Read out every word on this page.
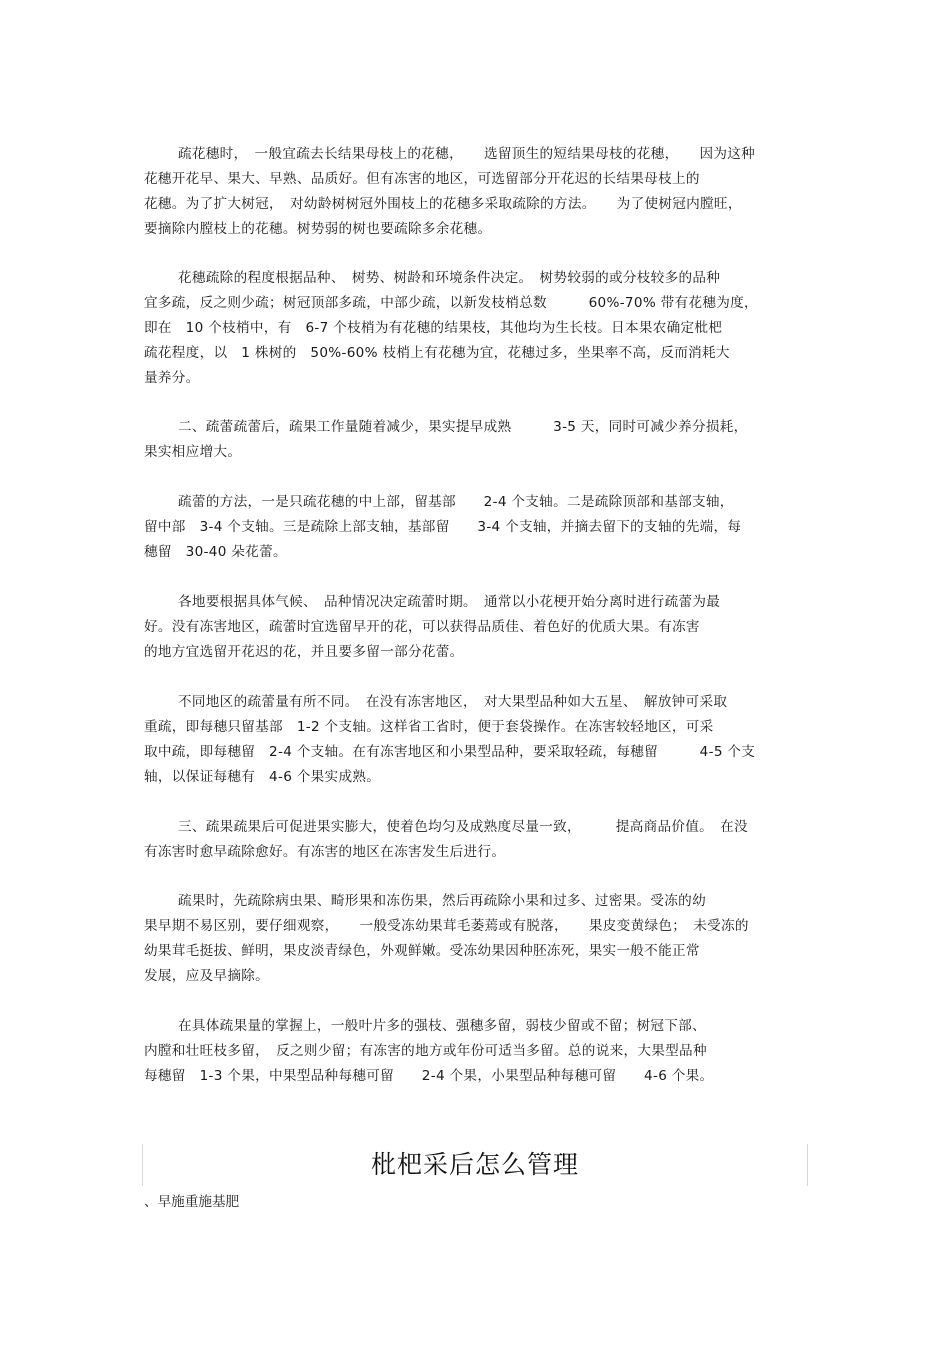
疏花穗时，　一般宜疏去长结果母枝上的花穗，　　选留顶生的短结果母枝的花穗，　　因为这种
花穗开花早、果大、早熟、品质好。但有冻害的地区，可选留部分开花迟的长结果母枝上的
花穗。为了扩大树冠，　对幼龄树树冠外围枝上的花穗多采取疏除的方法。　　为了使树冠内膛旺，
要摘除内膛枝上的花穗。树势弱的树也要疏除多余花穗。
花穗疏除的程度根据品种、　树势、树龄和环境条件决定。　树势较弱的或分枝较多的品种
宜多疏，反之则少疏；树冠顶部多疏，中部少疏，以新发枝梢总数　　　60%-70% 带有花穗为度，
即在　10 个枝梢中，有　6-7 个枝梢为有花穗的结果枝，其他均为生长枝。日本果农确定枇杷
疏花程度，以　1 株树的　50%-60% 枝梢上有花穗为宜，花穗过多，坐果率不高，反而消耗大
量养分。
二、疏蕾疏蕾后，疏果工作量随着减少，果实提早成熟　　　3-5 天，同时可减少养分损耗，
果实相应增大。
疏蕾的方法，一是只疏花穗的中上部，留基部　　2-4 个支轴。二是疏除顶部和基部支轴，
留中部　3-4 个支轴。三是疏除上部支轴，基部留　　3-4 个支轴，并摘去留下的支轴的先端，每
穗留　30-40 朵花蕾。
各地要根据具体气候、　品种情况决定疏蕾时期。　通常以小花梗开始分离时进行疏蕾为最
好。没有冻害地区，疏蕾时宜选留早开的花，可以获得品质佳、着色好的优质大果。有冻害
的地方宜选留开花迟的花，并且要多留一部分花蕾。
不同地区的疏蕾量有所不同。　在没有冻害地区，　对大果型品种如大五星、　解放钟可采取
重疏，即每穗只留基部　1-2 个支轴。这样省工省时，便于套袋操作。在冻害较轻地区，可采
取中疏，即每穗留　2-4 个支轴。在有冻害地区和小果型品种，要采取轻疏，每穗留　　　4-5 个支
轴，以保证每穗有　4-6 个果实成熟。
三、疏果疏果后可促进果实膨大，使着色均匀及成熟度尽量一致，　　　提高商品价值。　在没
有冻害时愈早疏除愈好。有冻害的地区在冻害发生后进行。
疏果时，先疏除病虫果、畸形果和冻伤果，然后再疏除小果和过多、过密果。受冻的幼
果早期不易区别，要仔细观察，　　一般受冻幼果茸毛萎蔫或有脱落，　　果皮变黄绿色；　未受冻的
幼果茸毛挺拔、鲜明，果皮淡青绿色，外观鲜嫩。受冻幼果因种胚冻死，果实一般不能正常
发展，应及早摘除。
在具体疏果量的掌握上，一般叶片多的强枝、强穗多留，弱枝少留或不留；树冠下部、
内膛和壮旺枝多留，　反之则少留；有冻害的地方或年份可适当多留。总的说来，大果型品种
每穗留　1-3 个果，中果型品种每穗可留　　2-4 个果，小果型品种每穗可留　　4-6 个果。
枇杷采后怎么管理
、早施重施基肥
